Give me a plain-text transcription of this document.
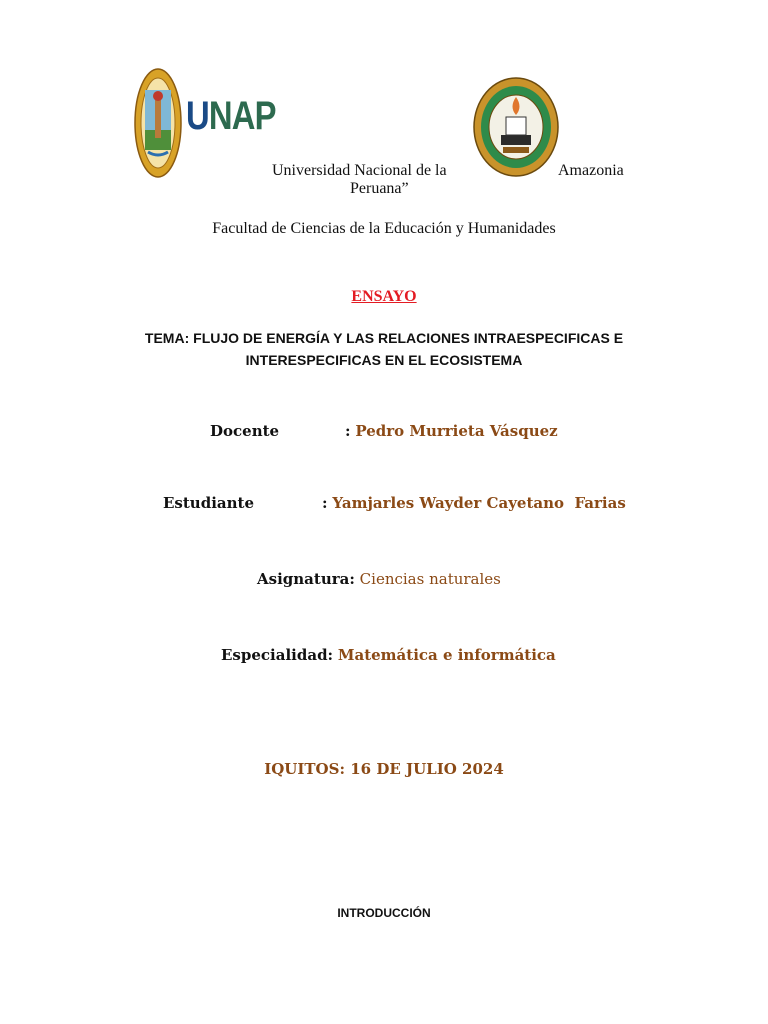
UNAP
Universidad Nacional de la	Amazonia
Peruana”
Facultad de Ciencias de la Educación y Humanidades
ENSAYO
TEMA: FLUJO DE ENERGÍA Y LAS RELACIONES INTRAESPECIFICAS E INTERESPECIFICAS EN EL ECOSISTEMA
Docente	: Pedro Murrieta Vásquez
Estudiante	: Yamjarles Wayder Cayetano  Farias
Asignatura: Ciencias naturales
Especialidad: Matemática e informática
IQUITOS: 16 DE JULIO 2024
INTRODUCCIÓN
